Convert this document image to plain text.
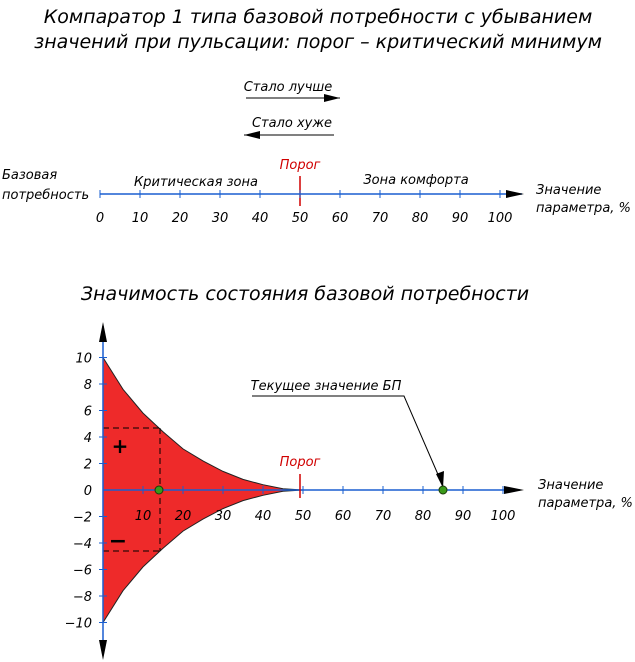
Компаратор 1 типа базовой потребности с убыванием
значений при пульсации: порог – критический минимум
Стало лучше
Стало хуже
Базовая
потребность
Критическая зона	Зона комфорта
Порог
0 10 20 30 40 50 60 70 80 90 100
Значение
параметра, %
Значимость состояния базовой потребности
10
8
6
4
2
−2
−4
−6
−8
−10
10 20 30 40 50 60 70 80 90 100
0	Значение
параметра, %
Порог
+
−
Текущее значение БП
